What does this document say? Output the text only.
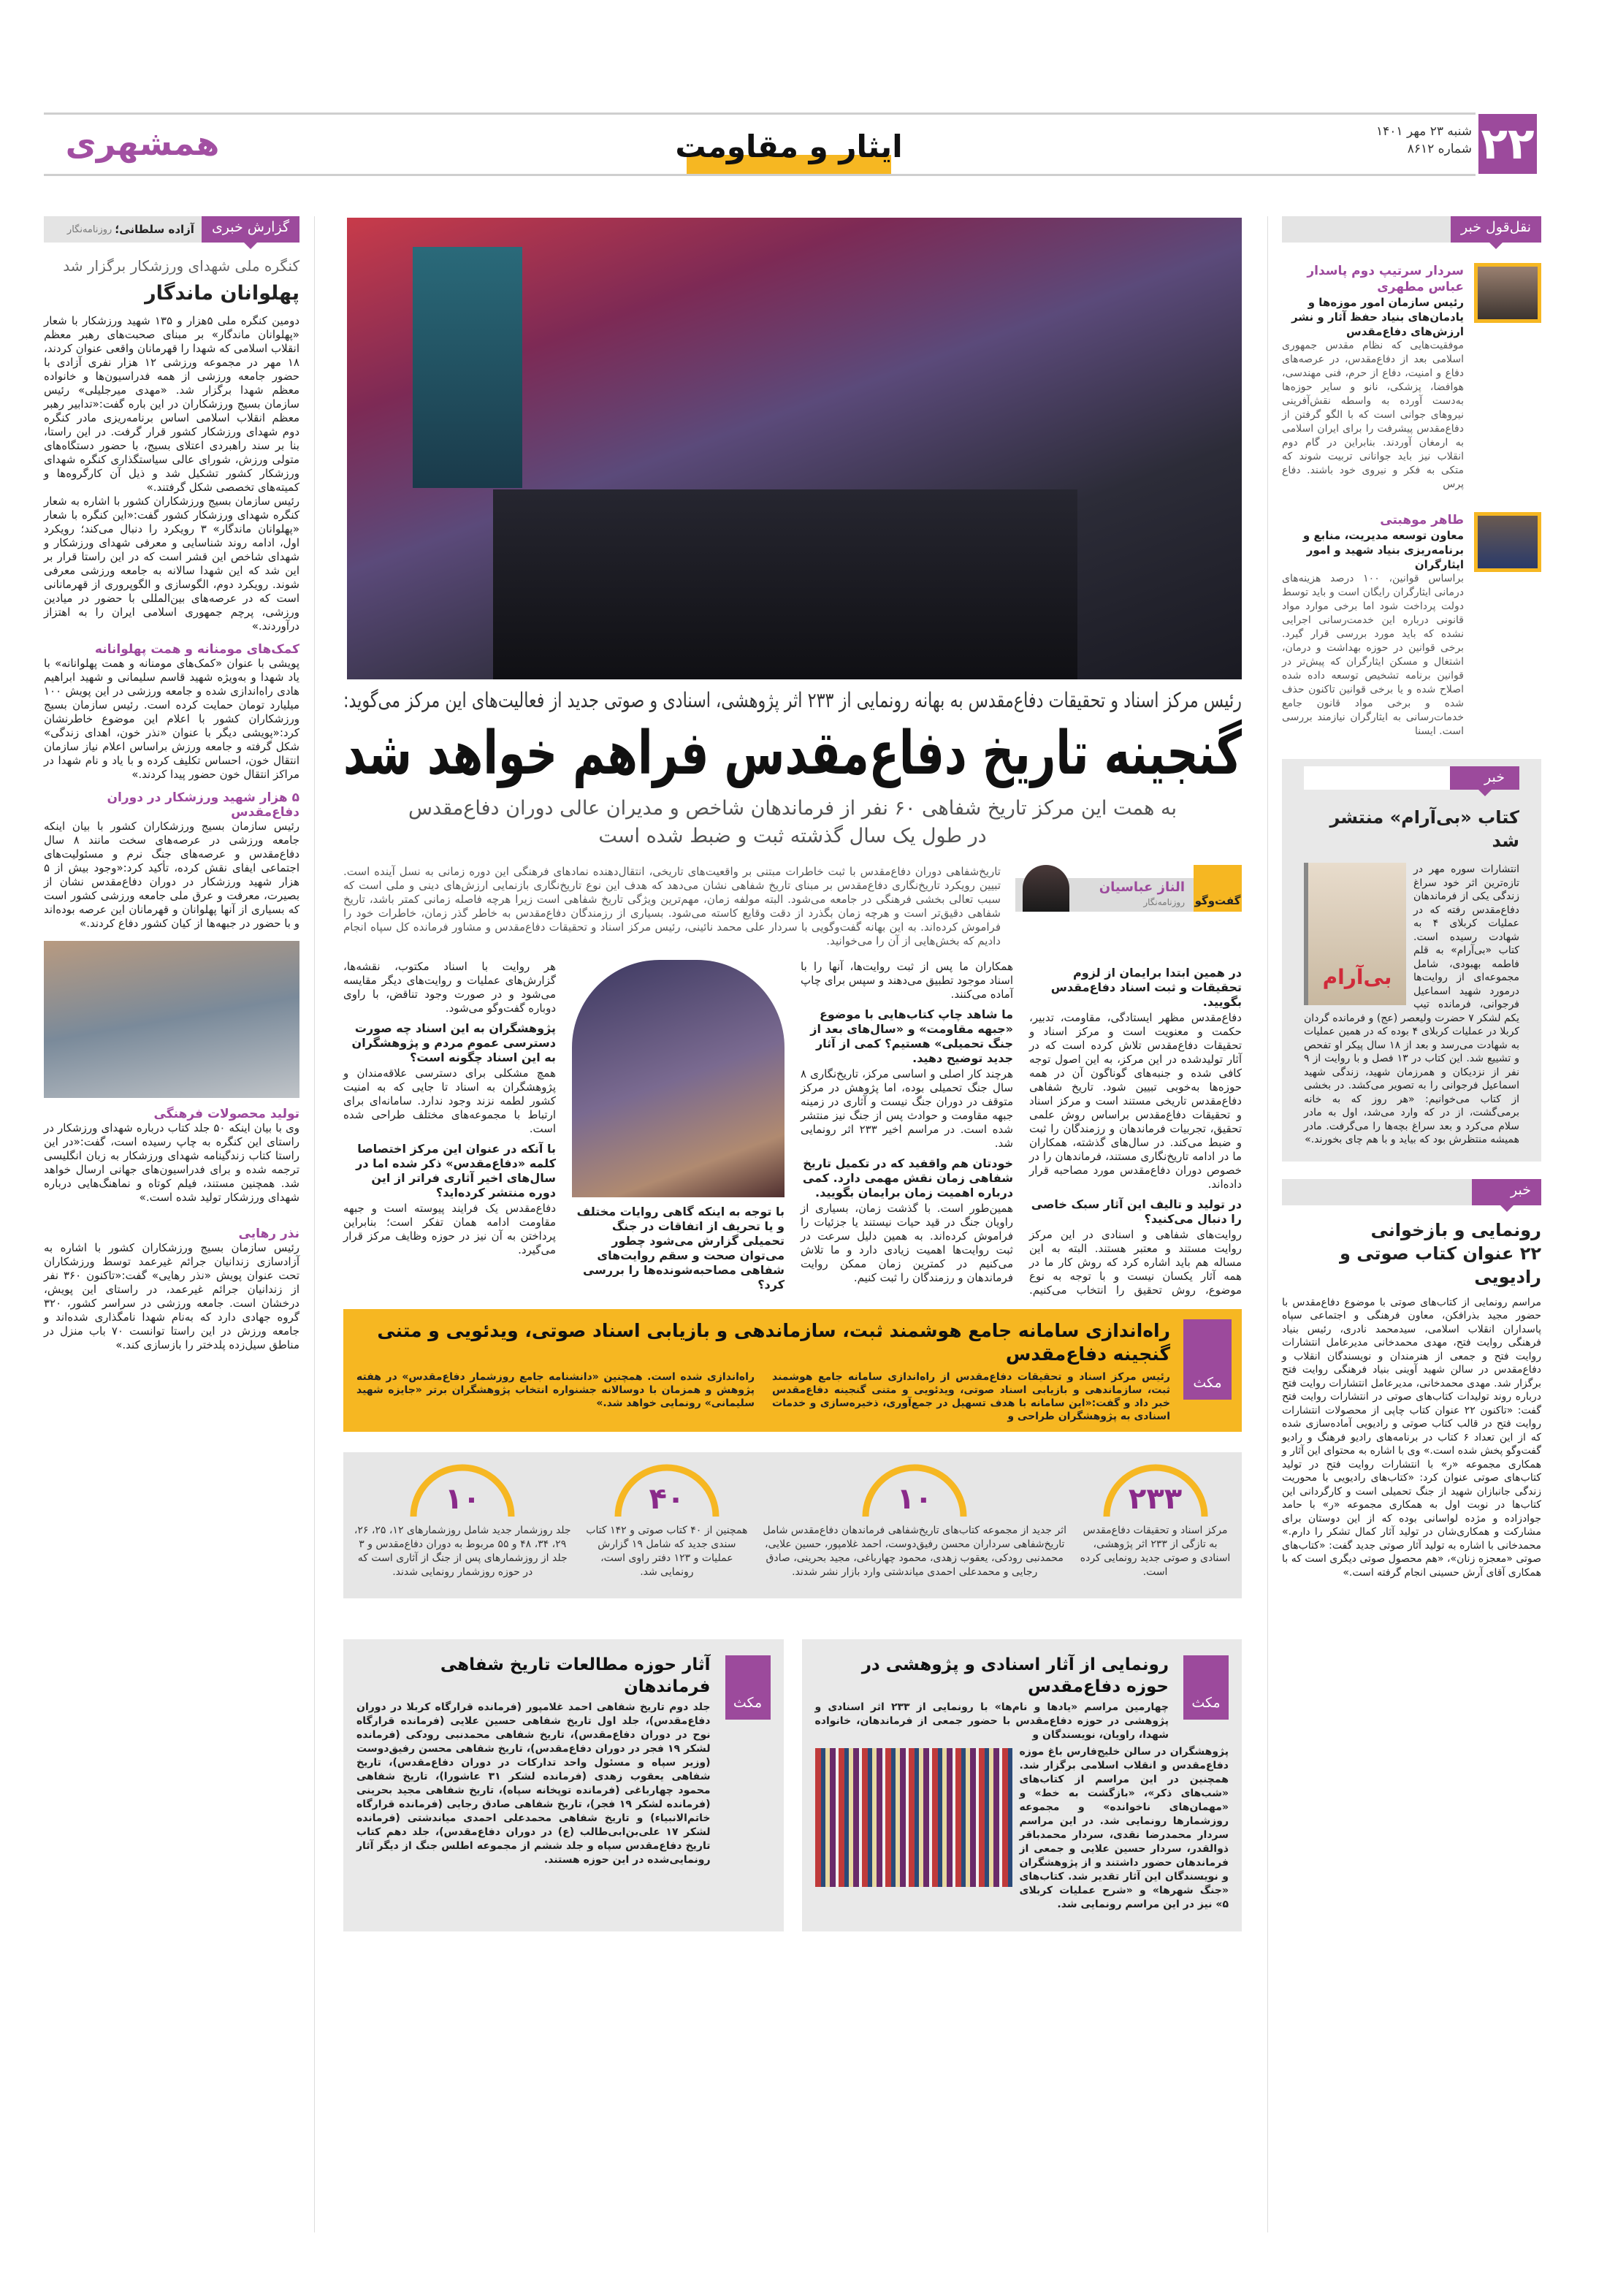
۲۲
شنبه ۲۳ مهر ۱۴۰۱
شماره ۸۶۱۲
ایثار و مقاومت
همشهری
گزارش خبری
آزاده سلطانی؛
روزنامه‌نگار
کنگره ملی شهدای ورزشکار برگزار شد
پهلوانان ماندگار

دومین کنگره ملی ۵هزار و ۱۳۵ شهید ورزشکار با شعار «پهلوانان ماندگار» بر مبنای صحبت‌های رهبر معظم انقلاب اسلامی که شهدا را قهرمانان واقعی عنوان کردند، ۱۸ مهر در مجموعه ورزشی ۱۲ هزار نفری آزادی با حضور جامعه ورزشی از همه فدراسیون‌ها و خانواده معظم شهدا برگزار شد. «مهدی میرجلیلی» رئیس سازمان بسیج ورزشکاران در این باره گفت:«تدابیر رهبر معظم انقلاب اسلامی اساس برنامه‌ریزی مادر کنگره دوم شهدای ورزشکار کشور قرار گرفت. در این راستا، بنا بر سند راهبردی اعتلای بسیج، با حضور دستگاه‌های متولی ورزش، شورای عالی سیاستگذاری کنگره شهدای ورزشکار کشور تشکیل شد و ذیل آن کارگروه‌ها و کمیته‌های تخصصی شکل گرفتند.»

رئیس سازمان بسیج ورزشکاران کشور با اشاره به شعار کنگره شهدای ورزشکار کشور گفت:«این کنگره با شعار «پهلوانان ماندگار» ۳ رویکرد را دنبال می‌کند؛ رویکرد اول، ادامه روند شناسایی و معرفی شهدای ورزشکار و شهدای شاخص این قشر است که در این راستا قرار بر این شد که این شهدا سالانه به جامعه ورزشی معرفی شوند. رویکرد دوم، الگوسازی و الگوپروری از قهرمانانی است که در عرصه‌های بین‌المللی با حضور در میادین ورزشی، پرچم جمهوری اسلامی ایران را به اهتزاز درآوردند.»

کمک‌های مومنانه و همت پهلوانانه

پویشی با عنوان «کمک‌های مومنانه و همت پهلوانانه» با یاد شهدا و به‌ویژه شهید قاسم سلیمانی و شهید ابراهیم هادی راه‌اندازی شده و جامعه ورزشی در این پویش ۱۰۰ میلیارد تومان حمایت کرده است. رئیس سازمان بسیج ورزشکاران کشور با اعلام این موضوع خاطرنشان کرد:«پویشی دیگر با عنوان «نذر خون، اهدای زندگی» شکل گرفته و جامعه ورزش براساس اعلام نیاز سازمان انتقال خون، احساس تکلیف کرده و با یاد و نام شهدا در مراکز انتقال خون حضور پیدا کردند.»

۵ هزار شهید ورزشکار در دوران دفاع‌مقدس

رئیس سازمان بسیج ورزشکاران کشور با بیان اینکه جامعه ورزشی در عرصه‌های سخت مانند ۸ سال دفاع‌مقدس و عرصه‌های جنگ نرم و مسئولیت‌های اجتماعی ایفای نقش کرده، تأکید کرد:«وجود بیش از ۵ هزار شهید ورزشکار در دوران دفاع‌مقدس نشان از بصیرت، معرفت و عرق ملی جامعه ورزشی کشور است که بسیاری از آنها پهلوانان و قهرمانان این عرصه بوده‌اند و با حضور در جبهه‌ها از کیان کشور دفاع کردند.»

تولید محصولات فرهنگی

وی با بیان اینکه ۵۰ جلد کتاب درباره شهدای ورزشکار در راستای این کنگره به چاپ رسیده است، گفت:«در این راستا کتاب زندگینامه شهدای ورزشکار به زبان انگلیسی ترجمه شده و برای فدراسیون‌های جهانی ارسال خواهد شد. همچنین مستند، فیلم کوتاه و نماهنگ‌هایی درباره شهدای ورزشکار تولید شده است.»

نذر رهایی

رئیس سازمان بسیج ورزشکاران کشور با اشاره به آزادسازی زندانیان جرائم غیرعمد توسط ورزشکاران تحت عنوان پویش «نذر رهایی» گفت:«تاکنون ۳۶۰ نفر از زندانیان جرائم غیرعمد، در راستای این پویش، درخشان است. جامعه ورزشی در سراسر کشور، ۳۲۰ گروه جهادی دارد که به‌نام شهدا نامگذاری شده‌اند و جامعه ورزش در این راستا توانست ۷۰ باب منزل در مناطق سیل‌زده پلدختر را بازسازی کند.»

نقل‌قول خبر
سردار سرتیپ دوم پاسدار عباس مطهری
رئیس سازمان امور موزه‌ها و یادمان‌های بنیاد حفظ آثار و نشر ارزش‌های دفاع‌مقدس
موفقیت‌هایی که نظام مقدس جمهوری اسلامی بعد از دفاع‌مقدس، در عرصه‌های دفاع و امنیت، دفاع از حرم، فنی مهندسی، هوافضا، پزشکی، نانو و سایر حوزه‌ها به‌دست آورده به واسطه نقش‌آفرینی نیروهای جوانی است که با الگو گرفتن از دفاع‌مقدس پیشرفت را برای ایران اسلامی به ارمغان آوردند. بنابراین در گام دوم انقلاب نیز باید جوانانی تربیت شوند که متکی به فکر و نیروی خود باشند. دفاع پرس
طاهر موهبتی
معاون توسعه مدیریت، منابع و برنامه‌ریزی بنیاد شهید و امور ایثارگران
براساس قوانین، ۱۰۰ درصد هزینه‌های درمانی ایثارگران رایگان است و باید توسط دولت پرداخت شود اما برخی موارد مواد قانونی درباره این خدمت‌رسانی اجرایی نشده که باید مورد بررسی قرار گیرد. برخی قوانین در حوزه بهداشت و درمان، اشتغال و مسکن ایثارگران که پیش‌تر در قوانین برنامه تشخیص توسعه داده شده اصلاح شده و یا برخی قوانین تاکنون حذف شده و برخی مواد قانون جامع خدمات‌رسانی به ایثارگران نیازمند بررسی است. ایسنا
خبر
کتاب «بی‌آرام» منتشر شد
بی‌آرام

انتشارات سوره مهر در تازه‌ترین اثر خود سراغ زندگی یکی از فرماندهان دفاع‌مقدس رفته که در عملیات کربلای ۴ به شهادت رسیده است. کتاب «بی‌آرام» به قلم فاطمه بهبودی، شامل مجموعه‌ای از روایت‌ها درمورد شهید اسماعیل فرجوانی، فرمانده تیپ یکم لشکر ۷ حضرت ولیعصر (عج) و فرمانده گردان کربلا در عملیات کربلای ۴ بوده که در همین عملیات به شهادت می‌رسد و بعد از ۱۸ سال پیکر او تفحص و تشییع شد. این کتاب در ۱۳ فصل و با روایت از ۹ نفر از نزدیکان و همرزمان شهید، زندگی شهید اسماعیل فرجوانی را به تصویر می‌کشد. در بخشی از کتاب می‌خوانیم: «هر روز که به خانه برمی‌گشت، از در که وارد می‌شد، اول به مادر سلام می‌کرد و بعد سراغ بچه‌ها را می‌گرفت. مادر همیشه منتظرش بود که بیاید و با هم چای بخورند.»

خبر
رونمایی و بازخوانی
۲۲ عنوان کتاب صوتی و رادیویی

مراسم رونمایی از کتاب‌های صوتی با موضوع دفاع‌مقدس با حضور مجید بذرافکن، معاون فرهنگی و اجتماعی سپاه پاسداران انقلاب اسلامی، سیدمحمد نادری، رئیس بنیاد فرهنگی روایت فتح، مهدی محمدخانی مدیرعامل انتشارات روایت فتح و جمعی از هنرمندان و نویسندگان انقلاب و دفاع‌مقدس در سالن شهید آوینی بنیاد فرهنگی روایت فتح برگزار شد. مهدی محمدخانی، مدیرعامل انتشارات روایت فتح درباره روند تولیدات کتاب‌های صوتی در انتشارات روایت فتح گفت: «تاکنون ۲۲ عنوان کتاب چاپی از محصولات انتشارات روایت فتح در قالب کتاب صوتی و رادیویی آماده‌سازی شده که از این تعداد ۶ کتاب در برنامه‌های رادیو فرهنگ و رادیو گفت‌وگو پخش شده است.» وی با اشاره به محتوای این آثار و همکاری مجموعه «ر» با انتشارات روایت فتح در تولید کتاب‌های صوتی عنوان کرد: «کتاب‌های رادیویی با محوریت زندگی جانبازان شهید از جنگ تحمیلی است و کارگردانی این کتاب‌ها در نوبت اول به همکاری مجموعه «ر» با حامد جوادزاده و مژده لواسانی بوده که از این دوستان برای مشارکت و همکاری‌شان در تولید آثار کمال تشکر را دارم.» محمدخانی با اشاره به تولید آثار صوتی جدید گفت: «کتاب‌های صوتی «معجزه زنان»، «هم محصول صوتی دیگری است که با همکاری آقای آرش حسینی انجام گرفته است.»

رئیس مرکز اسناد و تحقیقات دفاع‌مقدس به بهانه رونمایی از ۲۳۳ اثر پژوهشی، اسنادی و صوتی جدید از فعالیت‌های این مرکز می‌گوید:
گنجینه تاریخ دفاع‌مقدس فراهم خواهد شد
به همت این مرکز تاریخ شفاهی ۶۰ نفر از فرماندهان شاخص و مدیران عالی دوران دفاع‌مقدس
در طول یک سال گذشته ثبت و ضبط شده است
گفت‌وگو
الناز عباسیان
روزنامه‌نگار

تاریخ‌شفاهی دوران دفاع‌مقدس با ثبت خاطرات مبتنی بر واقعیت‌های تاریخی، انتقال‌دهنده نمادهای فرهنگی این دوره زمانی به نسل آینده است. تبیین رویکرد تاریخ‌نگاری دفاع‌مقدس بر مبنای تاریخ شفاهی نشان می‌دهد که هدف این نوع تاریخ‌نگاری بازنمایی ارزش‌های دینی و ملی است که سبب تعالی بخشی فرهنگی در جامعه می‌شود. البته مولفه زمان، مهم‌ترین ویژگی تاریخ شفاهی است زیرا هرچه فاصله زمانی کمتر باشد، تاریخ شفاهی دقیق‌تر است و هرچه زمان بگذرد از دقت وقایع کاسته می‌شود. بسیاری از رزمندگان دفاع‌مقدس به خاطر گذر زمان، خاطرات خود را فراموش کرده‌اند. به این بهانه گفت‌وگویی با سردار علی محمد نائینی، رئیس مرکز اسناد و تحقیقات دفاع‌مقدس و مشاور فرمانده کل سپاه انجام دادیم که بخش‌هایی از آن را می‌خوانید.

در همین ابتدا برایمان از لزوم تحقیقات و ثبت اسناد دفاع‌مقدس بگویید.

دفاع‌مقدس مظهر ایستادگی، مقاومت، تدبیر، حکمت و معنویت است و مرکز اسناد و تحقیقات دفاع‌مقدس تلاش کرده است که در آثار تولیدشده در این مرکز، به این اصول توجه کافی شده و جنبه‌های گوناگون آن در همه حوزه‌ها به‌خوبی تبیین شود. تاریخ شفاهی دفاع‌مقدس تاریخی مستند است و مرکز اسناد و تحقیقات دفاع‌مقدس براساس روش علمی تحقیق، تجربیات فرماندهان و رزمندگان را ثبت و ضبط می‌کند. در سال‌های گذشته، همکاران ما در ادامه تاریخ‌نگاری مستند، فرماندهان را در خصوص دوران دفاع‌مقدس مورد مصاحبه قرار داده‌اند.

در تولید و تالیف این آثار سبک خاصی را دنبال می‌کنید؟

روایت‌های شفاهی و اسنادی در این مرکز روایت مستند و معتبر هستند. البته به این مساله هم باید اشاره کرد که روش کار ما در همه آثار یکسان نیست و با توجه به نوع موضوع، روش تحقیق را انتخاب می‌کنیم. همکاران ما پس از ثبت روایت‌ها، آنها را با اسناد موجود تطبیق می‌دهند و سپس برای چاپ آماده می‌کنند.

ما شاهد چاپ کتاب‌هایی با موضوع «جبهه مقاومت» و «سال‌های بعد از جنگ تحمیلی» هستیم؟ کمی از آثار جدید توضیح دهید.

هرچند کار اصلی و اساسی مرکز، تاریخ‌نگاری ۸ سال جنگ تحمیلی بوده، اما پژوهش در مرکز متوقف در دوران جنگ نیست و آثاری در زمینه جبهه مقاومت و حوادث پس از جنگ نیز منتشر شده است. در مراسم اخیر ۲۳۳ اثر رونمایی شد.

خودتان هم واقفید که در تکمیل تاریخ شفاهی زمان نقش مهمی دارد. کمی درباره اهمیت زمان برایمان بگویید.

همین‌طور است. با گذشت زمان، بسیاری از راویان جنگ در قید حیات نیستند یا جزئیات را فراموش کرده‌اند. به همین دلیل سرعت در ثبت روایت‌ها اهمیت زیادی دارد و ما تلاش می‌کنیم در کمترین زمان ممکن روایت فرماندهان و رزمندگان را ثبت کنیم.

با توجه به اینکه گاهی روایات مختلف و یا تحریف از اتفاقات در جنگ تحمیلی گزارش می‌شود چطور می‌توان صحت و سقم روایت‌های شفاهی مصاحبه‌شونده‌ها را بررسی کرد؟

هر روایت با اسناد مکتوب، نقشه‌ها، گزارش‌های عملیات و روایت‌های دیگر مقایسه می‌شود و در صورت وجود تناقض، با راوی دوباره گفت‌وگو می‌شود.

پژوهشگران به این اسناد چه صورت دسترسی عموم مردم و پژوهشگران به این اسناد چگونه است؟

همچ مشکلی برای دسترسی علاقه‌مندان و پژوهشگران به اسناد تا جایی که به امنیت کشور لطمه نزند وجود ندارد. سامانه‌ای برای ارتباط با مجموعه‌های مختلف طراحی شده است.

با آنکه در عنوان این مرکز اختصاصا کلمه «دفاع‌مقدس» ذکر شده اما در سال‌های اخیر آثاری فراتر از این دوره منتشر کرده‌اید؟

دفاع‌مقدس یک فرایند پیوسته است و جبهه مقاومت ادامه همان تفکر است؛ بنابراین پرداختن به آن نیز در حوزه وظایف مرکز قرار می‌گیرد.

مکث
راه‌اندازی سامانه جامع هوشمند ثبت، سازماندهی و بازیابی اسناد صوتی، ویدئویی و متنی گنجینه دفاع‌مقدس

رئیس مرکز اسناد و تحقیقات دفاع‌مقدس از راه‌اندازی سامانه جامع هوشمند ثبت، سازماندهی و بازیابی اسناد صوتی، ویدئویی و متنی گنجینه دفاع‌مقدس خبر داد و گفت:«این سامانه با هدف تسهیل در جمع‌آوری، ذخیره‌سازی و خدمات اسنادی به پژوهشگران طراحی و

راه‌اندازی شده است. همچنین «دانشنامه جامع روزشمار دفاع‌مقدس» در هفته پژوهش و همزمان با دوسالانه جشنواره انتخاب پژوهشگران برتر «جایزه شهید سلیمانی» رونمایی خواهد شد.»

۲۳۳

مرکز اسناد و تحقیقات دفاع‌مقدس به تازگی از ۲۳۳ اثر پژوهشی، اسنادی و صوتی جدید رونمایی کرده است.

۱۰

اثر جدید از مجموعه کتاب‌های تاریخ‌شفاهی فرماندهان دفاع‌مقدس شامل تاریخ‌شفاهی سرداران محسن رفیق‌دوست، احمد غلامپور، حسین علایی، محمدنبی رودکی، یعقوب زهدی، محمود چهارباغی، مجید بحرینی، صادق رجایی و محمدعلی احمدی میاندشتی وارد بازار نشر شدند.

۴۰

همچنین از ۴۰ کتاب صوتی و ۱۴۲ کتاب سندی جدید که شامل ۱۹ گزارش عملیات و ۱۲۳ دفتر راوی است، رونمایی شد.

۱۰

جلد روزشمار جدید شامل روزشمارهای ۱۲، ۲۵، ۲۶، ۲۹، ۳۴، ۴۸ و ۵۵ مربوط به دوران دفاع‌مقدس و ۳ جلد از روزشمارهای پس از جنگ از آثاری است که در حوزه روزشمار رونمایی شدند.

مکث
رونمایی از آثار اسنادی و پژوهشی در حوزه دفاع‌مقدس

چهارمین مراسم «یادها و نام‌ها» با رونمایی از ۲۳۳ اثر اسنادی و پژوهشی در حوزه دفاع‌مقدس با حضور جمعی از فرماندهان، خانواده شهدا، راویان، نویسندگان و

پژوهشگران در سالن خلیج‌فارس باغ موزه دفاع‌مقدس و انقلاب اسلامی برگزار شد. همچنین در این مراسم از کتاب‌های «شب‌های ذکر»، «بازگشت به خط» و «مهمان‌های ناخوانده» و مجموعه روزشمارها رونمایی شد. در این مراسم سردار محمدرضا نقدی، سردار محمدباقر ذوالقدر، سردار حسین علایی و جمعی از فرماندهان حضور داشتند و از پژوهشگران و نویسندگان این آثار تقدیر شد. کتاب‌های «جنگ شهرها» و «شرح عملیات کربلای ۵» نیز در این مراسم رونمایی شد.

مکث
آثار حوزه مطالعات تاریخ شفاهی فرماندهان

جلد دوم تاریخ شفاهی احمد غلامپور (فرمانده قرارگاه کربلا در دوران دفاع‌مقدس)، جلد اول تاریخ شفاهی حسین علایی (فرمانده قرارگاه نوح در دوران دفاع‌مقدس)، تاریخ شفاهی محمدنبی رودکی (فرمانده لشکر ۱۹ فجر در دوران دفاع‌مقدس)، تاریخ شفاهی محسن رفیق‌دوست (وزیر سپاه و مسئول واحد تدارکات در دوران دفاع‌مقدس)، تاریخ شفاهی یعقوب زهدی (فرمانده لشکر ۳۱ عاشورا)، تاریخ شفاهی محمود چهارباغی (فرمانده توپخانه سپاه)، تاریخ شفاهی مجید بحرینی (فرمانده لشکر ۱۹ فجر)، تاریخ شفاهی صادق رجایی (فرمانده قرارگاه خاتم‌الانبیاء) و تاریخ شفاهی محمدعلی احمدی میاندشتی (فرمانده لشکر ۱۷ علی‌بن‌ابی‌طالب (ع) در دوران دفاع‌مقدس)، جلد دهم کتاب تاریخ دفاع‌مقدس سپاه و جلد ششم از مجموعه اطلس جنگ از دیگر آثار رونمایی‌شده در این حوزه هستند.
